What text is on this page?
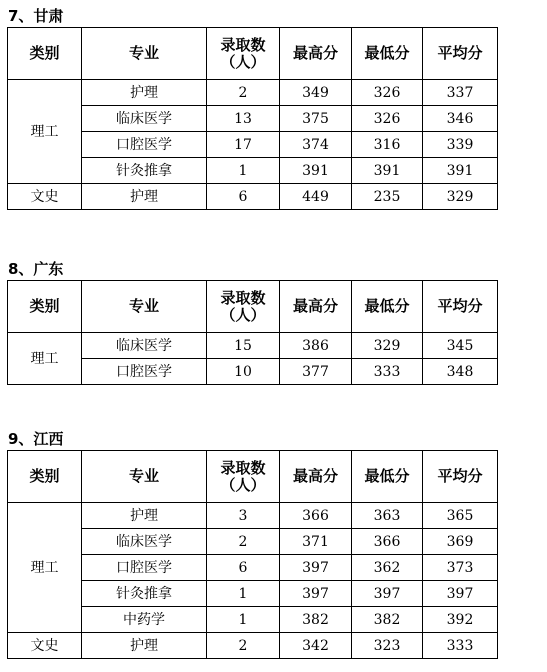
7、甘肃
类别	专业	录取数（人）	最高分	最低分	平均分
理工	护理	2	349	326	337
	临床医学	13	375	326	346
	口腔医学	17	374	316	339
	针灸推拿	1	391	391	391
文史	护理	6	449	235	329
8、广东
类别	专业	录取数（人）	最高分	最低分	平均分
理工	临床医学	15	386	329	345
	口腔医学	10	377	333	348
9、江西
类别	专业	录取数（人）	最高分	最低分	平均分
理工	护理	3	366	363	365
	临床医学	2	371	366	369
	口腔医学	6	397	362	373
	针灸推拿	1	397	397	397
	中药学	1	382	382	392
文史	护理	2	342	323	333
